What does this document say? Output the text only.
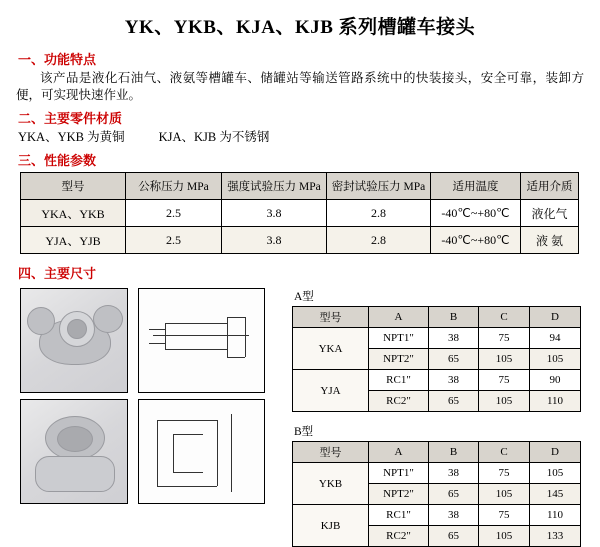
YK、YKB、KJA、KJB 系列槽罐车接头
一、功能特点
该产品是液化石油气、液氨等槽罐车、储罐站等输送管路系统中的快装接头，安全可靠，装卸方便，可实现快速作业。
二、主要零件材质
YKA、YKB 为黄铜	KJA、KJB 为不锈钢
三、性能参数
型号	公称压力 MPa	强度试验压力 MPa	密封试验压力 MPa	适用温度	适用介质
YKA、YKB	2.5	3.8	2.8	-40℃~+80℃	液化气
YJA、YJB	2.5	3.8	2.8	-40℃~+80℃	液 氨
四、主要尺寸

A型
型号	A	B	C	D
YKA	NPT1"	38	75	94
	NPT2"	65	105	105
YJA	RC1"	38	75	90
	RC2"	65	105	110
B型
型号	A	B	C	D
YKB	NPT1"	38	75	105
	NPT2"	65	105	145
KJB	RC1"	38	75	110
	RC2"	65	105	133
